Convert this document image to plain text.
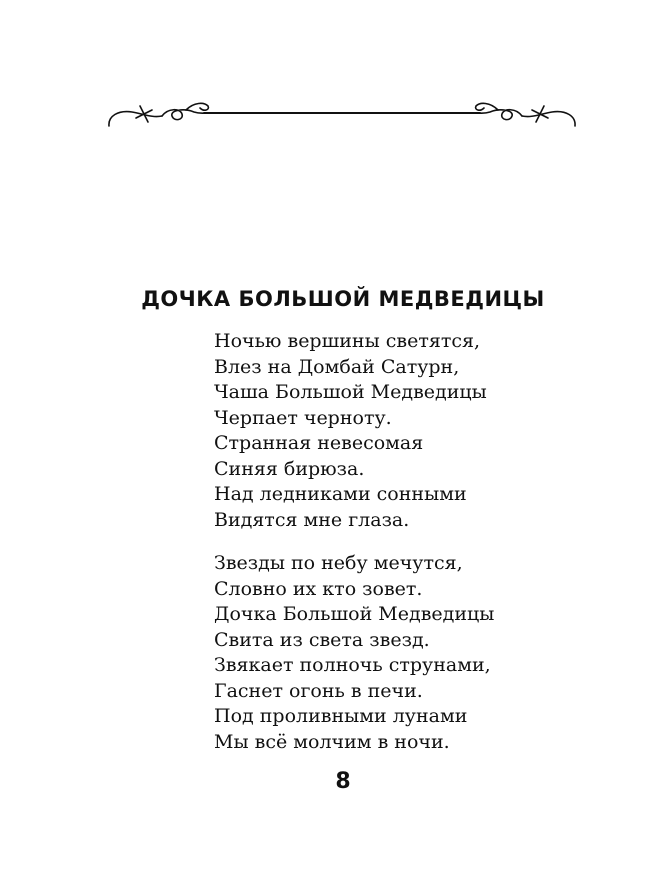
ДОЧКА БОЛЬШОЙ МЕДВЕДИЦЫ
Ночью вершины светятся,
Влез на Домбай Сатурн,
Чаша Большой Медведицы
Черпает черноту.
Странная невесомая
Синяя бирюза.
Над ледниками сонными
Видятся мне глаза.
Звезды по небу мечутся,
Словно их кто зовет.
Дочка Большой Медведицы
Свита из света звезд.
Звякает полночь струнами,
Гаснет огонь в печи.
Под проливными лунами
Мы всё молчим в ночи.
8
